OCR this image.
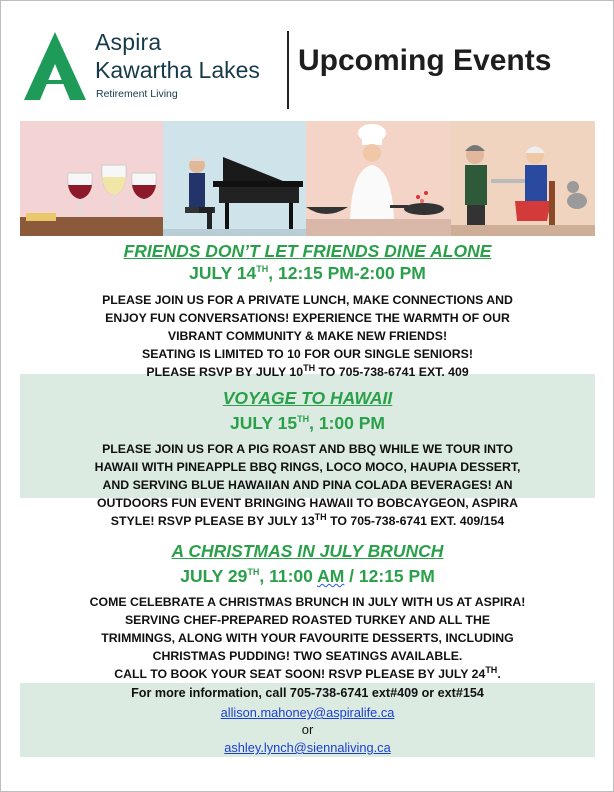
Aspira
Kawartha Lakes
Retirement Living
Upcoming Events
FRIENDS DON’T LET FRIENDS DINE ALONE
JULY 14TH, 12:15 PM-2:00 PM
PLEASE JOIN US FOR A PRIVATE LUNCH, MAKE CONNECTIONS AND
ENJOY FUN CONVERSATIONS! EXPERIENCE THE WARMTH OF OUR
VIBRANT COMMUNITY & MAKE NEW FRIENDS!
SEATING IS LIMITED TO 10 FOR OUR SINGLE SENIORS!
PLEASE RSVP BY JULY 10TH TO 705-738-6741 EXT. 409
VOYAGE TO HAWAII
JULY 15TH, 1:00 PM
PLEASE JOIN US FOR A PIG ROAST AND BBQ WHILE WE TOUR INTO
HAWAII WITH PINEAPPLE BBQ RINGS, LOCO MOCO, HAUPIA DESSERT,
AND SERVING BLUE HAWAIIAN AND PINA COLADA BEVERAGES! AN
OUTDOORS FUN EVENT BRINGING HAWAII TO BOBCAYGEON, ASPIRA
STYLE! RSVP PLEASE BY JULY 13TH TO 705-738-6741 EXT. 409/154
A CHRISTMAS IN JULY BRUNCH
JULY 29TH, 11:00 AM / 12:15 PM
COME CELEBRATE A CHRISTMAS BRUNCH IN JULY WITH US AT ASPIRA!
SERVING CHEF-PREPARED ROASTED TURKEY AND ALL THE
TRIMMINGS, ALONG WITH YOUR FAVOURITE DESSERTS, INCLUDING
CHRISTMAS PUDDING! TWO SEATINGS AVAILABLE.
CALL TO BOOK YOUR SEAT SOON! RSVP PLEASE BY JULY 24TH.
For more information, call 705-738-6741 ext#409 or ext#154
allison.mahoney@aspiralife.ca
or
ashley.lynch@siennaliving.ca
